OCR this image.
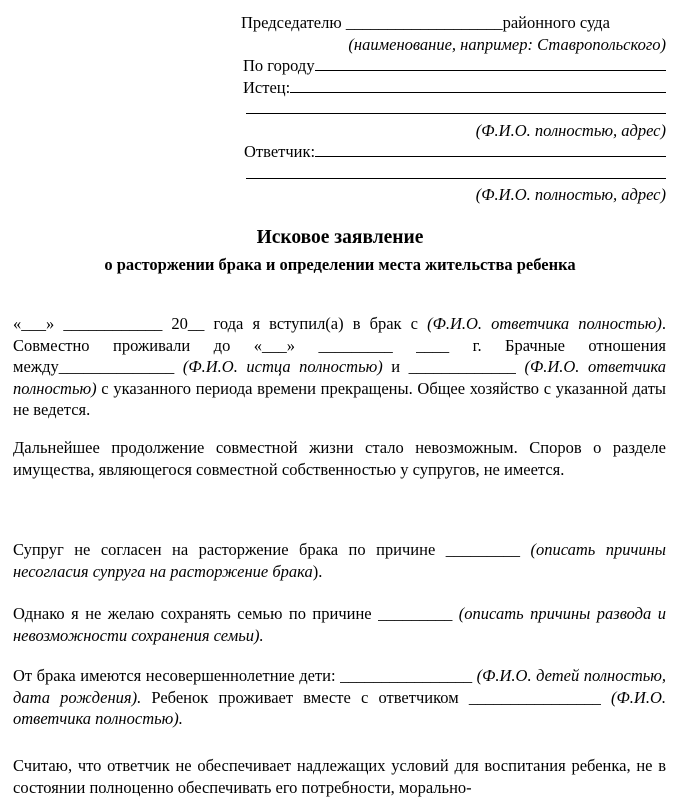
Председателю ___________________районного суда
(наименование, например: Ставропольского)
По городу
Истец:
(Ф.И.О. полностью, адрес)
Ответчик:
(Ф.И.О. полностью, адрес)
Исковое заявление
о расторжении брака и определении места жительства ребенка

«___» ____________ 20__ года я вступил(а) в брак с (Ф.И.О. ответчика полностью). Совместно проживали до «___» _________ ____ г. Брачные отношения между______________ (Ф.И.О. истца полностью) и _____________ (Ф.И.О. ответчика полностью) с указанного периода времени прекращены. Общее хозяйство с указанной даты не ведется.

Дальнейшее продолжение совместной жизни стало невозможным. Споров о разделе имущества, являющегося совместной собственностью у супругов, не имеется.

Супруг не согласен на расторжение брака по причине _________ (описать причины несогласия супруга на расторжение брака).

Однако я не желаю сохранять семью по причине _________ (описать причины развода и невозможности сохранения семьи).

От брака имеются несовершеннолетние дети: ________________ (Ф.И.О. детей полностью, дата рождения). Ребенок проживает вместе с ответчиком ________________ (Ф.И.О. ответчика полностью).

Считаю, что ответчик не обеспечивает надлежащих условий для воспитания ребенка, не в состоянии полноценно обеспечивать его потребности, морально-
